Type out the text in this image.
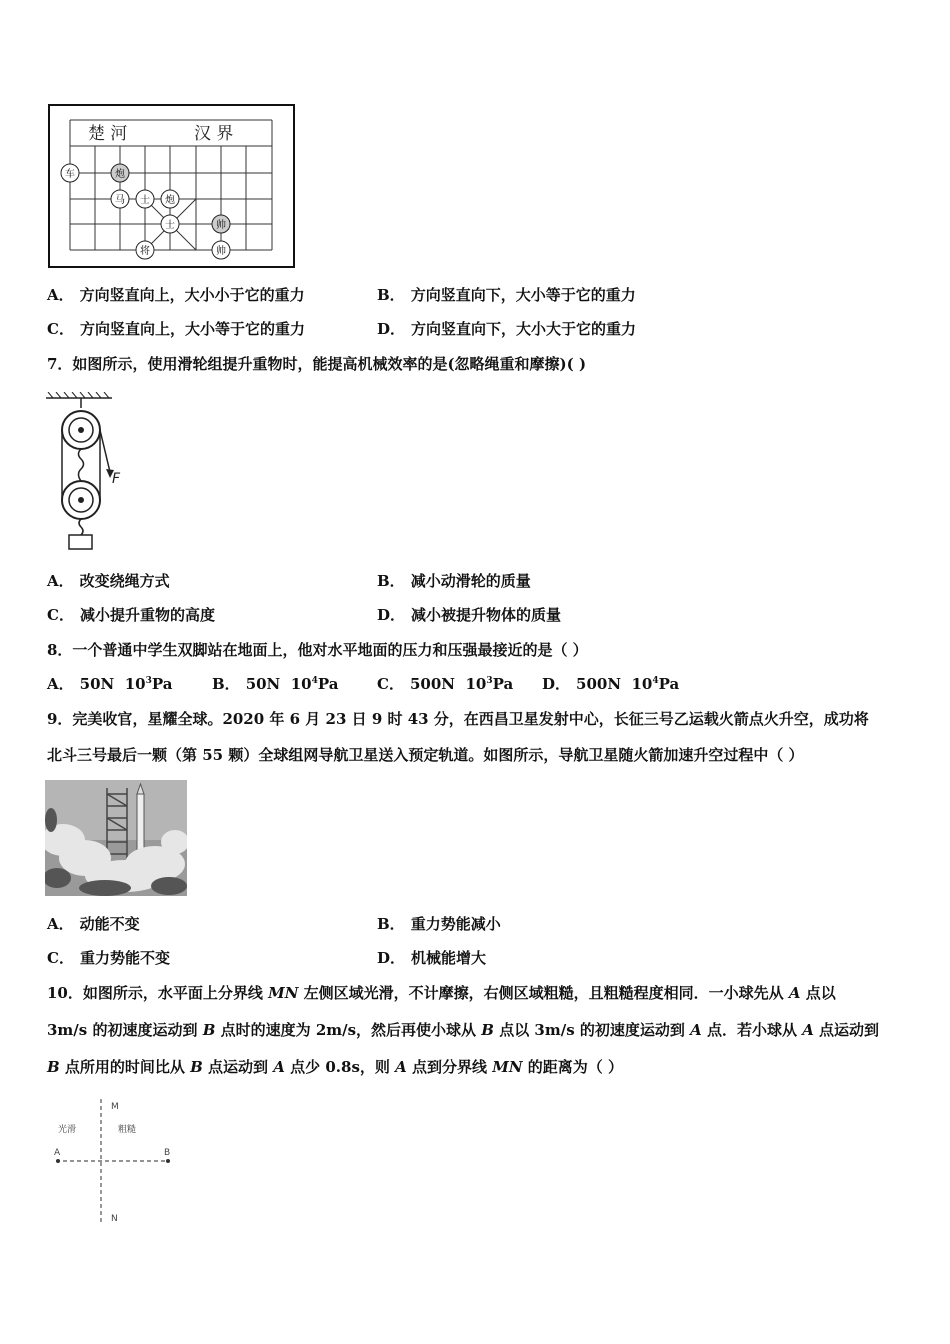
楚 河	汉 界
车	炮
马 士 炮
士
将
帅
帅
A． 方向竖直向上，大小小于它的重力	B． 方向竖直向下，大小等于它的重力
C． 方向竖直向上，大小等于它的重力	D． 方向竖直向下，大小大于它的重力
7．如图所示，使用滑轮组提升重物时，能提高机械效率的是(忽略绳重和摩擦)( )
F
A． 改变绕绳方式	B． 减小动滑轮的质量
C． 减小提升重物的高度	D． 减小被提升物体的质量
8．一个普通中学生双脚站在地面上，他对水平地面的压力和压强最接近的是（ ）
A． 50N $10^3Pa$	B． 50N $10^4Pa$	C． 500N $10^3Pa$ D． 500N $10^4Pa$
9．完美收官，星耀全球。2020 年 6 月 23 日 9 时 43 分，在西昌卫星发射中心，长征三号乙运载火箭点火升空，成功将
北斗三号最后一颗（第 55 颗）全球组网导航卫星送入预定轨道。如图所示，导航卫星随火箭加速升空过程中（ ）
A． 动能不变	B． 重力势能减小
C． 重力势能不变	D． 机械能增大
10．如图所示，水平面上分界线 MN 左侧区域光滑，不计摩擦，右侧区域粗糙，且粗糙程度相同．一小球先从 A 点以
3m/s 的初速度运动到 B 点时的速度为 2m/s，然后再使小球从 B 点以 3m/s 的初速度运动到 A 点．若小球从 A 点运动到
B 点所用的时间比从 B 点运动到 A 点少 0.8s，则 A 点到分界线 MN 的距离为（ ）
M
N
A	B
光滑	粗糙
